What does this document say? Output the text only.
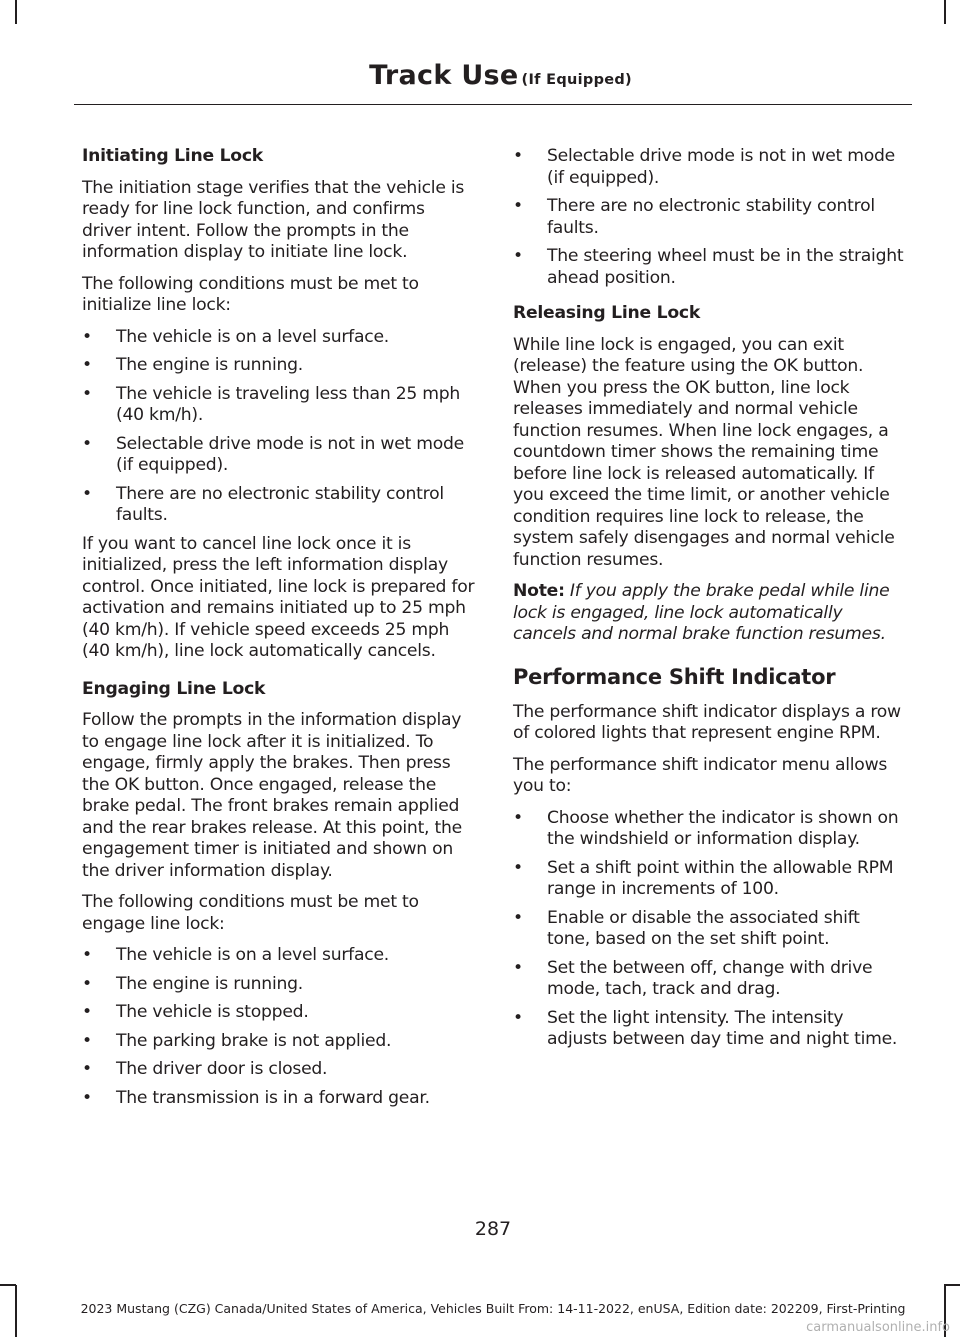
Track Use (If Equipped)
Initiating Line Lock

The initiation stage verifies that the vehicle is ready for line lock function, and confirms driver intent. Follow the prompts in the information display to initiate line lock.

The following conditions must be met to initialize line lock:

• The vehicle is on a level surface.
• The engine is running.
• The vehicle is traveling less than 25 mph (40 km/h).
• Selectable drive mode is not in wet mode (if equipped).
• There are no electronic stability control faults.

If you want to cancel line lock once it is initialized, press the left information display control. Once initiated, line lock is prepared for activation and remains initiated up to 25 mph (40 km/h). If vehicle speed exceeds 25 mph (40 km/h), line lock automatically cancels.

Engaging Line Lock

Follow the prompts in the information display to engage line lock after it is initialized. To engage, firmly apply the brakes. Then press the OK button. Once engaged, release the brake pedal. The front brakes remain applied and the rear brakes release. At this point, the engagement timer is initiated and shown on the driver information display.

The following conditions must be met to engage line lock:

• The vehicle is on a level surface.
• The engine is running.
• The vehicle is stopped.
• The parking brake is not applied.
• The driver door is closed.
• The transmission is in a forward gear.
• Selectable drive mode is not in wet mode (if equipped).
• There are no electronic stability control faults.
• The steering wheel must be in the straight ahead position.
Releasing Line Lock

While line lock is engaged, you can exit (release) the feature using the OK button. When you press the OK button, line lock releases immediately and normal vehicle function resumes. When line lock engages, a countdown timer shows the remaining time before line lock is released automatically. If you exceed the time limit, or another vehicle condition requires line lock to release, the system safely disengages and normal vehicle function resumes.

Note: If you apply the brake pedal while line lock is engaged, line lock automatically cancels and normal brake function resumes.

Performance Shift Indicator

The performance shift indicator displays a row of colored lights that represent engine RPM.

The performance shift indicator menu allows you to:

• Choose whether the indicator is shown on the windshield or information display.
• Set a shift point within the allowable RPM range in increments of 100.
• Enable or disable the associated shift tone, based on the set shift point.
• Set the between off, change with drive mode, tach, track and drag.
• Set the light intensity. The intensity adjusts between day time and night time.
287
2023 Mustang (CZG) Canada/United States of America, Vehicles Built From: 14-11-2022, enUSA, Edition date: 202209, First-Printing
carmanualsonline.info
